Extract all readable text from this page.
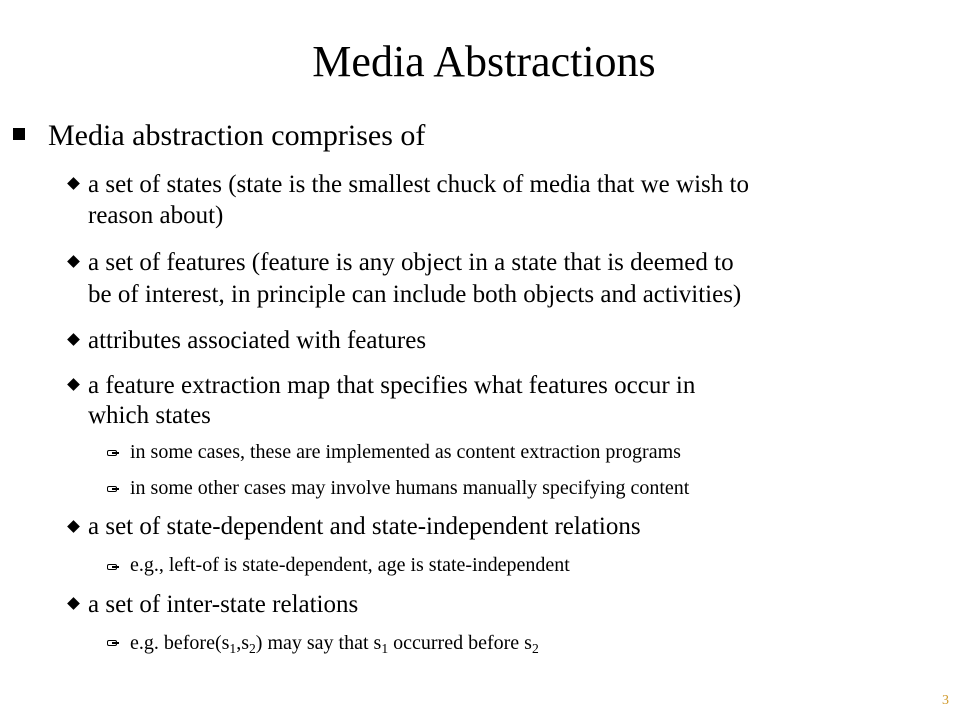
Media Abstractions
Media abstraction comprises of
a set of states (state is the smallest chuck of media that we wish to
reason about)
a set of features (feature is any object in a state that is deemed to
be of interest, in principle can include both objects and activities)
attributes associated with features
a feature extraction map that specifies what features occur in
which states
in some cases, these are implemented as content extraction programs
in some other cases may involve humans manually specifying content
a set of state-dependent and state-independent relations
e.g., left-of is state-dependent, age is state-independent
a set of inter-state relations
e.g. $before(s_1,s_2)$ may say that $s_1$ occurred before $s_2$
3
